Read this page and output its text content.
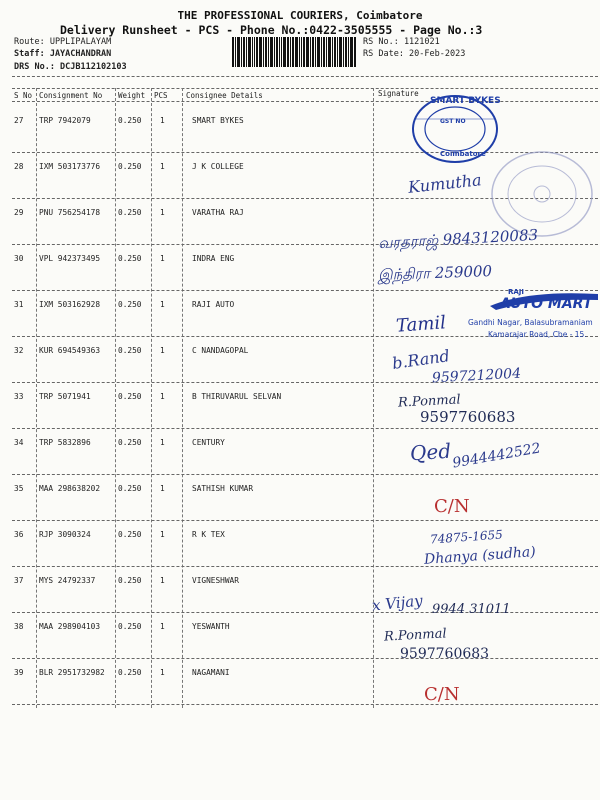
THE PROFESSIONAL COURIERS, Coimbatore
Delivery Runsheet - PCS - Phone No.:0422-3505555 - Page No.:3
Route: UPPLIPALAYAM
Staff: JAYACHANDRAN
DRS No.: DCJB112102103
RS No.: 1121021
RS Date: 20-Feb-2023
S No Consignment No Weight PCS Consignee Details	Signature
27 TRP 7942079	0.250 1	SMART BYKES
28 IXM 503173776 0.250 1	J K COLLEGE
29 PNU 756254178 0.250 1	VARATHA RAJ
30 VPL 942373495 0.250 1	INDRA ENG
31 IXM 503162928 0.250 1	RAJI AUTO
32 KUR 694549363 0.250 1	C NANDAGOPAL
33 TRP 5071941	0.250 1	B THIRUVARUL SELVAN
34 TRP 5832896	0.250 1	CENTURY
35 MAA 298638202 0.250 1	SATHISH KUMAR
36 RJP 3090324	0.250 1	R K TEX
37 MYS 24792337	0.250 1	VIGNESHWAR
38 MAA 298904103 0.250 1	YESWANTH
39 BLR 2951732982 0.250 1	NAGAMANI
SMART BYKES
GST NO
Coimbatore
RAJI
AUTO MART
Gandhi Nagar, Balasubramaniam
Kamarajar Road, Cbe - 15.
Kumutha
வரதராஜ் 9843120083
இந்திரா 259000
Tamil
b.Rand
9597212004
R.Ponmal
9597760683
Qed 9944442522
C/N
74875-1655
Dhanya (sudha)
x Vijay 9944 31011
R.Ponmal
9597760683
C/N
